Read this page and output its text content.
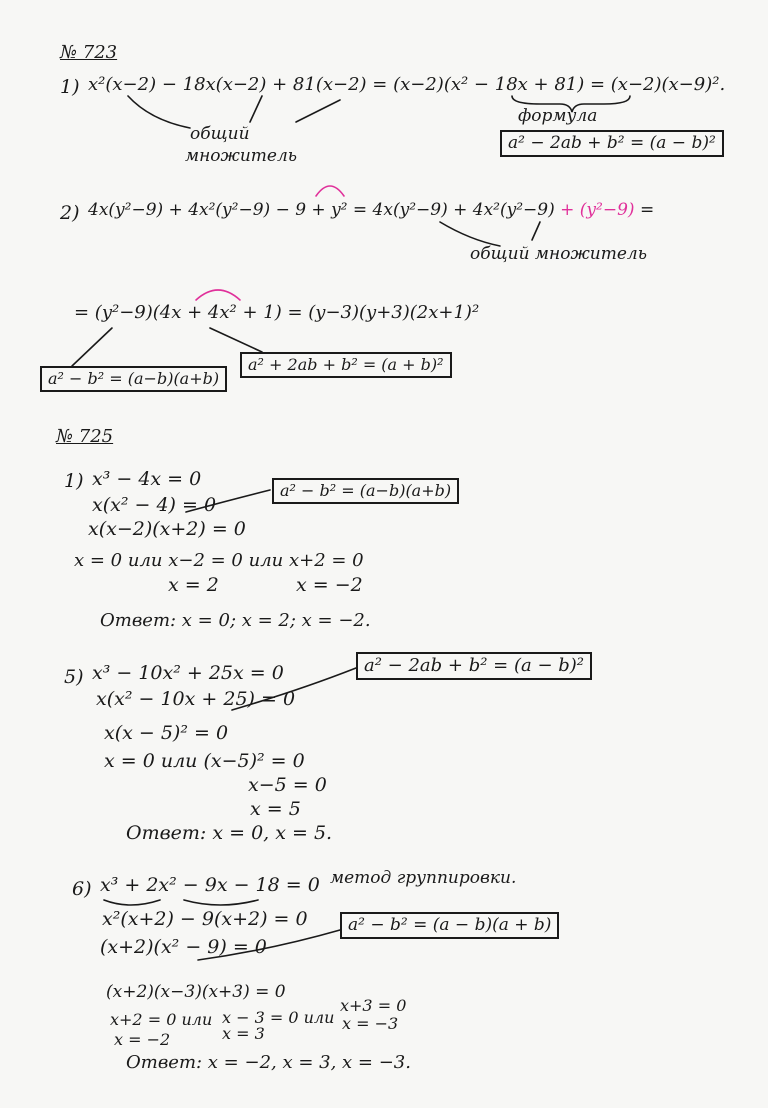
№ 723
1) x²(x−2) − 18x(x−2) + 81(x−2) = (x−2)(x² − 18x + 81) = (x−2)(x−9)².
общий
множитель
формула
a² − 2ab + b² = (a − b)²
2) 4x(y²−9) + 4x²(y²−9) − 9 + y² = 4x(y²−9) + 4x²(y²−9) + (y²−9) =
общий множитель
= (y²−9)(4x + 4x² + 1) = (y−3)(y+3)(2x+1)²
a² − b² = (a−b)(a+b)
a² + 2ab + b² = (a + b)²
№ 725
1) x³ − 4x = 0
x(x² − 4) = 0
x(x−2)(x+2) = 0
x = 0 или x−2 = 0 или x+2 = 0
x = 2	x = −2
Ответ: x = 0; x = 2; x = −2.
a² − b² = (a−b)(a+b)
5) x³ − 10x² + 25x = 0
x(x² − 10x + 25) = 0
x(x − 5)² = 0
x = 0 или (x−5)² = 0
x−5 = 0
x = 5
Ответ: x = 0, x = 5.
a² − 2ab + b² = (a − b)²
6) x³ + 2x² − 9x − 18 = 0 метод группировки.
x²(x+2) − 9(x+2) = 0
(x+2)(x² − 9) = 0
(x+2)(x−3)(x+3) = 0
x+2 = 0 или x − 3 = 0 или
x+3 = 0
x = −2	x = 3
x = −3
Ответ: x = −2, x = 3, x = −3.
a² − b² = (a − b)(a + b)
